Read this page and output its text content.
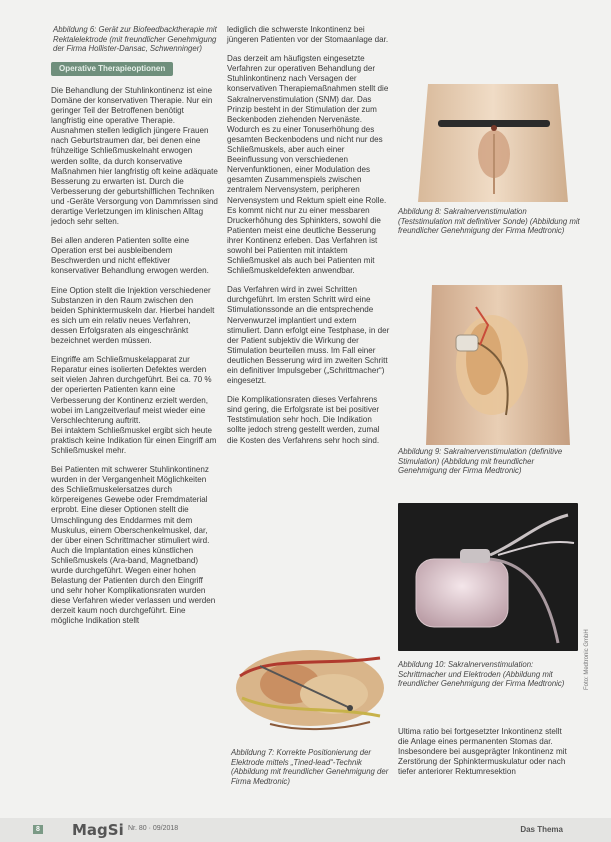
Abbildung 6: Gerät zur Biofeedbacktherapie mit Rektalelektrode (mit freundlicher Genehmigung der Firma Hollister-Dansac, Schwenninger)
Operative Therapieoptionen

Die Behandlung der Stuhlinkontinenz ist eine Domäne der konservativen Therapie. Nur ein geringer Teil der Betroffenen benötigt langfristig eine operative Therapie. Ausnahmen stellen lediglich jüngere Frauen nach Geburtstraumen dar, bei denen eine frühzeitige Schließmuskelnaht erwogen werden sollte, da durch konservative Maßnahmen hier langfristig oft keine adäquate Besserung zu erwarten ist. Durch die Verbesserung der geburtshilflichen Techniken und -Geräte Versorgung von Dammrissen sind derartige Verletzungen im klinischen Alltag jedoch sehr selten.

Bei allen anderen Patienten sollte eine Operation erst bei ausbleibendem Beschwerden und nicht effektiver konservativer Behandlung erwogen werden.

Eine Option stellt die Injektion verschiedener Substanzen in den Raum zwischen den beiden Sphinktermuskeln dar. Hierbei handelt es sich um ein relativ neues Verfahren, dessen Erfolgsraten als eingeschränkt bezeichnet werden müssen.

Eingriffe am Schließmuskelapparat zur Reparatur eines isolierten Defektes werden seit vielen Jahren durchgeführt. Bei ca. 70 % der operierten Patienten kann eine Verbesserung der Kontinenz erzielt werden, wobei im Langzeitverlauf meist wieder eine Verschlechterung auftritt.

Bei intaktem Schließmuskel ergibt sich heute praktisch keine Indikation für einen Eingriff am Schließmuskel mehr.

Bei Patienten mit schwerer Stuhlinkontinenz wurden in der Vergangenheit Möglichkeiten des Schließmuskelersatzes durch körpereigenes Gewebe oder Fremdmaterial erprobt. Eine dieser Optionen stellt die Umschlingung des Enddarmes mit dem Muskulus, einem Oberschenkelmuskel, dar, der über einen Schrittmacher stimuliert wird. Auch die Implantation eines künstlichen Schließmuskels (Ara-band, Magnetband) wurde durchgeführt. Wegen einer hohen Belastung der Patienten durch den Eingriff und sehr hoher Komplikationsraten wurden diese Verfahren wieder verlassen und werden derzeit kaum noch durchgeführt. Eine mögliche Indikation stellt

lediglich die schwerste Inkontinenz bei jüngeren Patienten vor der Stomaanlage dar.

Das derzeit am häufigsten eingesetzte Verfahren zur operativen Behandlung der Stuhlinkontinenz nach Versagen der konservativen Therapiemaßnahmen stellt die Sakralnervenstimulation (SNM) dar. Das Prinzip besteht in der Stimulation der zum Beckenboden ziehenden Nervenäste. Wodurch es zu einer Tonuserhöhung des gesamten Beckenbodens und nicht nur des Schließmuskels, aber auch einer Beeinflussung von verschiedenen Nervenfunktionen, einer Modulation des gesamten Zusammenspiels zwischen zentralem Nervensystem, peripheren Nervensystem und Rektum spielt eine Rolle. Es kommt nicht nur zu einer messbaren Druckerhöhung des Sphinkters, sowohl die Patienten meist eine deutliche Besserung ihrer Kontinenz erleben. Das Verfahren ist sowohl bei Patienten mit intaktem Schließmuskel als auch bei Patienten mit Schließmuskeldefekten anwendbar.

Das Verfahren wird in zwei Schritten durchgeführt. Im ersten Schritt wird eine Stimulationssonde an die entsprechende Nervenwurzel implantiert und extern stimuliert. Dann erfolgt eine Testphase, in der der Patient subjektiv die Wirkung der Stimulation beurteilen muss. Im Fall einer deutlichen Besserung wird im zweiten Schritt ein definitiver Impulsgeber („Schrittmacher“) eingesetzt.

Die Komplikationsraten dieses Verfahrens sind gering, die Erfolgsrate ist bei positiver Teststimulation sehr hoch. Die Indikation sollte jedoch streng gestellt werden, zumal die Kosten des Verfahrens sehr hoch sind.

Abbildung 7: Korrekte Positionierung der Elektrode mittels „Tined-lead“-Technik (Abbildung mit freundlicher Genehmigung der Firma Medtronic)
Abbildung 8: Sakralnervenstimulation (Teststimulation mit definitiver Sonde) (Abbildung mit freundlicher Genehmigung der Firma Medtronic)
Abbildung 9: Sakralnervenstimulation (definitive Stimulation) (Abbildung mit freundlicher Genehmigung der Firma Medtronic)
Abbildung 10: Sakralnervenstimulation: Schrittmacher und Elektroden (Abbildung mit freundlicher Genehmigung der Firma Medtronic)
Ultima ratio bei fortgesetzter Inkontinenz stellt die Anlage eines permanenten Stomas dar. Insbesondere bei ausgeprägter Inkontinenz mit Zerstörung der Sphinktermuskulatur oder nach tiefer anteriorer Rektumresektion
Foto: Medtronic GmbH
8 MagSi Nr. 80 · 09/2018	Das Thema
